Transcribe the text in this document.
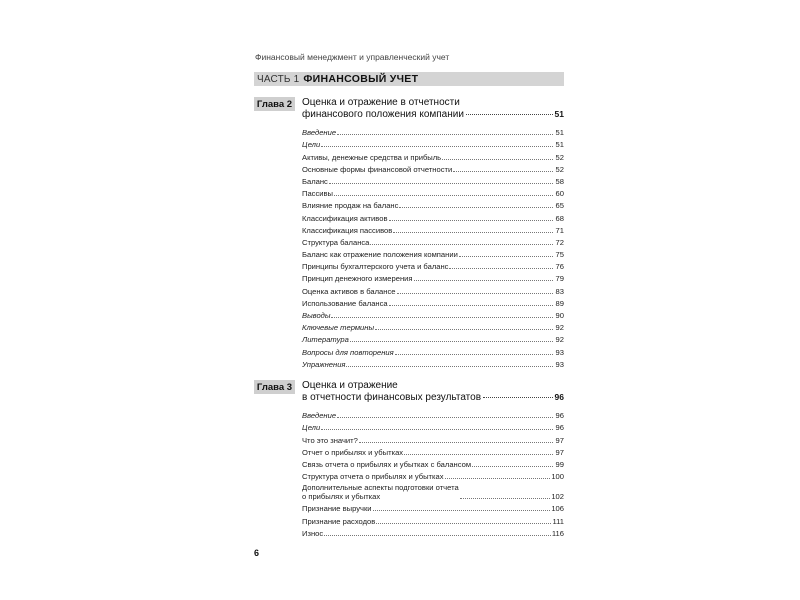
Финансовый менеджмент и управленческий учет
ЧАСТЬ 1 ФИНАНСОВЫЙ УЧЕТ
Глава 2 Оценка и отражение в отчетности
финансового положения компании	51
Введение	51
Цели	51
Активы, денежные средства и прибыль	52
Основные формы финансовой отчетности	52
Баланс	58
Пассивы	60
Влияние продаж на баланс	65
Классификация активов	68
Классификация пассивов	71
Структура баланса	72
Баланс как отражение положения компании	75
Принципы бухгалтерского учета и баланс	76
Принцип денежного измерения	79
Оценка активов в балансе	83
Использование баланса	89
Выводы	90
Ключевые термины	92
Литература	92
Вопросы для повторения	93
Упражнения	93
Глава 3 Оценка и отражение
в отчетности финансовых результатов	96
Введение	96
Цели	96
Что это значит?	97
Отчет о прибылях и убытках	97
Связь отчета о прибылях и убытках с балансом	99
Структура отчета о прибылях и убытках	100
Дополнительные аспекты подготовки отчета
о прибылях и убытках	102
Признание выручки	106
Признание расходов	111
Износ	116
6
